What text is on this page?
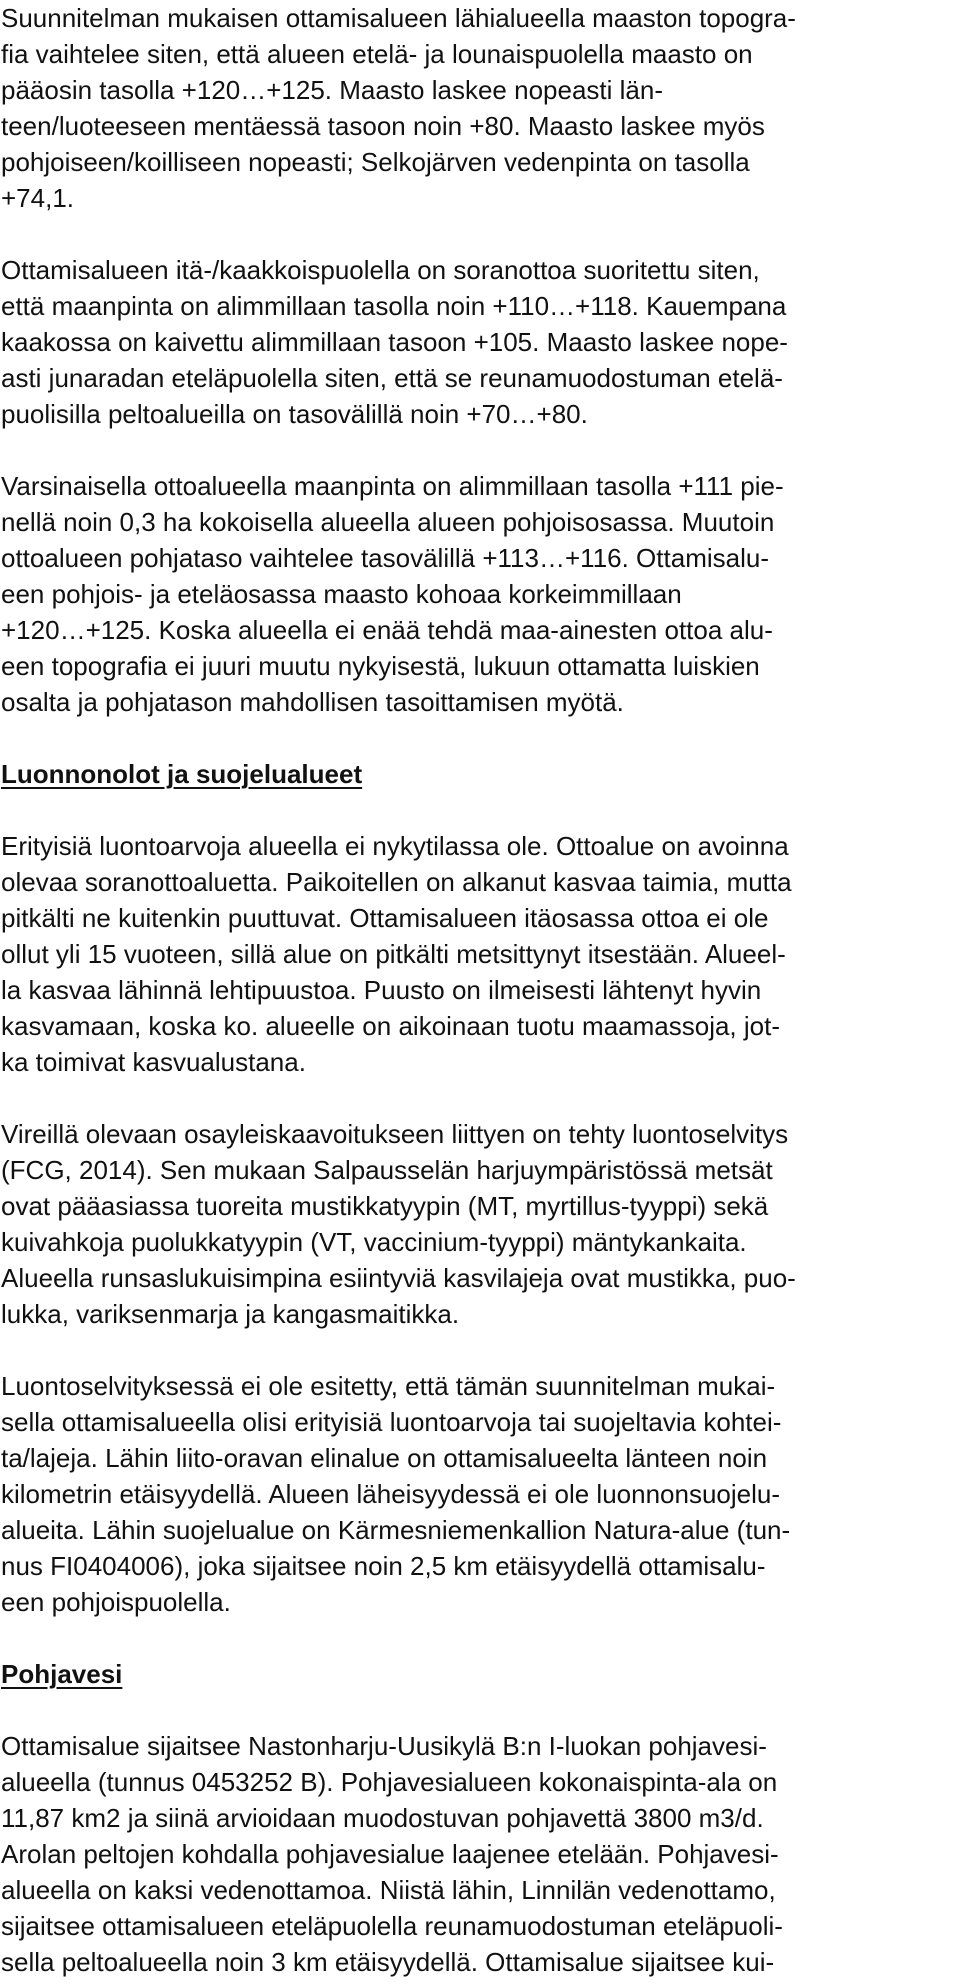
Suunnitelman mukaisen ottamisalueen lähialueella maaston topogra-
fia vaihtelee siten, että alueen etelä- ja lounaispuolella maasto on
pääosin tasolla +120…+125. Maasto laskee nopeasti län-
teen/luoteeseen mentäessä tasoon noin +80. Maasto laskee myös
pohjoiseen/koilliseen nopeasti; Selkojärven vedenpinta on tasolla
+74,1.
Ottamisalueen itä-/kaakkoispuolella on soranottoa suoritettu siten,
että maanpinta on alimmillaan tasolla noin +110…+118. Kauempana
kaakossa on kaivettu alimmillaan tasoon +105. Maasto laskee nope-
asti junaradan eteläpuolella siten, että se reunamuodostuman etelä-
puolisilla peltoalueilla on tasovälillä noin +70…+80.
Varsinaisella ottoalueella maanpinta on alimmillaan tasolla +111 pie-
nellä noin 0,3 ha kokoisella alueella alueen pohjoisosassa. Muutoin
ottoalueen pohjataso vaihtelee tasovälillä +113…+116. Ottamisalu-
een pohjois- ja eteläosassa maasto kohoaa korkeimmillaan
+120…+125. Koska alueella ei enää tehdä maa-ainesten ottoa alu-
een topografia ei juuri muutu nykyisestä, lukuun ottamatta luiskien
osalta ja pohjatason mahdollisen tasoittamisen myötä.
Luonnonolot ja suojelualueet
Erityisiä luontoarvoja alueella ei nykytilassa ole. Ottoalue on avoinna
olevaa soranottoaluetta. Paikoitellen on alkanut kasvaa taimia, mutta
pitkälti ne kuitenkin puuttuvat. Ottamisalueen itäosassa ottoa ei ole
ollut yli 15 vuoteen, sillä alue on pitkälti metsittynyt itsestään. Alueel-
la kasvaa lähinnä lehtipuustoa. Puusto on ilmeisesti lähtenyt hyvin
kasvamaan, koska ko. alueelle on aikoinaan tuotu maamassoja, jot-
ka toimivat kasvualustana.
Vireillä olevaan osayleiskaavoitukseen liittyen on tehty luontoselvitys
(FCG, 2014). Sen mukaan Salpausselän harjuympäristössä metsät
ovat pääasiassa tuoreita mustikkatyypin (MT, myrtillus-tyyppi) sekä
kuivahkoja puolukkatyypin (VT, vaccinium-tyyppi) mäntykankaita.
Alueella runsaslukuisimpina esiintyviä kasvilajeja ovat mustikka, puo-
lukka, variksenmarja ja kangasmaitikka.
Luontoselvityksessä ei ole esitetty, että tämän suunnitelman mukai-
sella ottamisalueella olisi erityisiä luontoarvoja tai suojeltavia kohtei-
ta/lajeja. Lähin liito-oravan elinalue on ottamisalueelta länteen noin
kilometrin etäisyydellä. Alueen läheisyydessä ei ole luonnonsuojelu-
alueita. Lähin suojelualue on Kärmesniemenkallion Natura-alue (tun-
nus FI0404006), joka sijaitsee noin 2,5 km etäisyydellä ottamisalu-
een pohjoispuolella.
Pohjavesi
Ottamisalue sijaitsee Nastonharju-Uusikylä B:n I-luokan pohjavesi-
alueella (tunnus 0453252 B). Pohjavesialueen kokonaispinta-ala on
11,87 km2 ja siinä arvioidaan muodostuvan pohjavettä 3800 m3/d.
Arolan peltojen kohdalla pohjavesialue laajenee etelään. Pohjavesi-
alueella on kaksi vedenottamoa. Niistä lähin, Linnilän vedenottamo,
sijaitsee ottamisalueen eteläpuolella reunamuodostuman eteläpuoli-
sella peltoalueella noin 3 km etäisyydellä. Ottamisalue sijaitsee kui-
